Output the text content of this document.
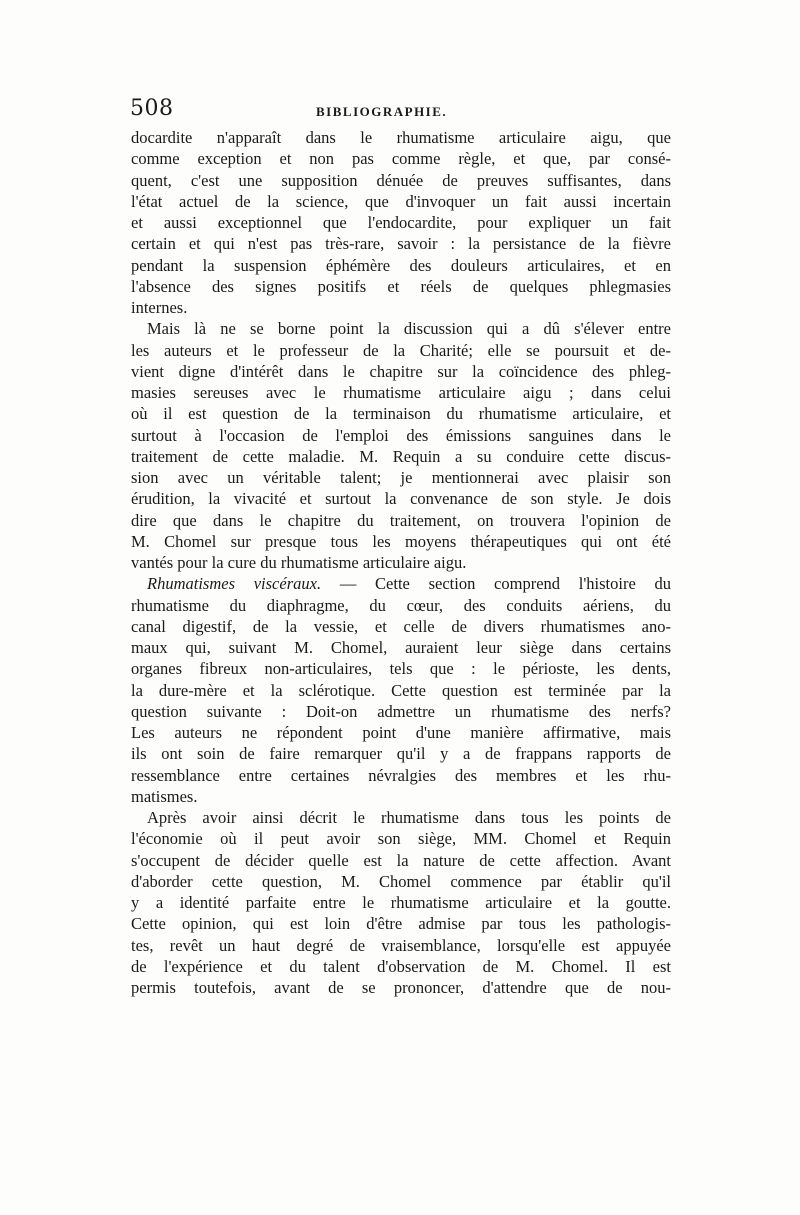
508	BIBLIOGRAPHIE.
docardite n'apparaît dans le rhumatisme articulaire aigu, que
comme exception et non pas comme règle, et que, par consé-
quent, c'est une supposition dénuée de preuves suffisantes, dans
l'état actuel de la science, que d'invoquer un fait aussi incertain
et aussi exceptionnel que l'endocardite, pour expliquer un fait
certain et qui n'est pas très-rare, savoir : la persistance de la fièvre
pendant la suspension éphémère des douleurs articulaires, et en
l'absence des signes positifs et réels de quelques phlegmasies
internes.
Mais là ne se borne point la discussion qui a dû s'élever entre
les auteurs et le professeur de la Charité; elle se poursuit et de-
vient digne d'intérêt dans le chapitre sur la coïncidence des phleg-
masies sereuses avec le rhumatisme articulaire aigu ; dans celui
où il est question de la terminaison du rhumatisme articulaire, et
surtout à l'occasion de l'emploi des émissions sanguines dans le
traitement de cette maladie. M. Requin a su conduire cette discus-
sion avec un véritable talent; je mentionnerai avec plaisir son
érudition, la vivacité et surtout la convenance de son style. Je dois
dire que dans le chapitre du traitement, on trouvera l'opinion de
M. Chomel sur presque tous les moyens thérapeutiques qui ont été
vantés pour la cure du rhumatisme articulaire aigu.
Rhumatismes viscéraux. — Cette section comprend l'histoire du
rhumatisme du diaphragme, du cœur, des conduits aériens, du
canal digestif, de la vessie, et celle de divers rhumatismes ano-
maux qui, suivant M. Chomel, auraient leur siège dans certains
organes fibreux non-articulaires, tels que : le périoste, les dents,
la dure-mère et la sclérotique. Cette question est terminée par la
question suivante : Doit-on admettre un rhumatisme des nerfs?
Les auteurs ne répondent point d'une manière affirmative, mais
ils ont soin de faire remarquer qu'il y a de frappans rapports de
ressemblance entre certaines névralgies des membres et les rhu-
matismes.
Après avoir ainsi décrit le rhumatisme dans tous les points de
l'économie où il peut avoir son siège, MM. Chomel et Requin
s'occupent de décider quelle est la nature de cette affection. Avant
d'aborder cette question, M. Chomel commence par établir qu'il
y a identité parfaite entre le rhumatisme articulaire et la goutte.
Cette opinion, qui est loin d'être admise par tous les pathologis-
tes, revêt un haut degré de vraisemblance, lorsqu'elle est appuyée
de l'expérience et du talent d'observation de M. Chomel. Il est
permis toutefois, avant de se prononcer, d'attendre que de nou-
